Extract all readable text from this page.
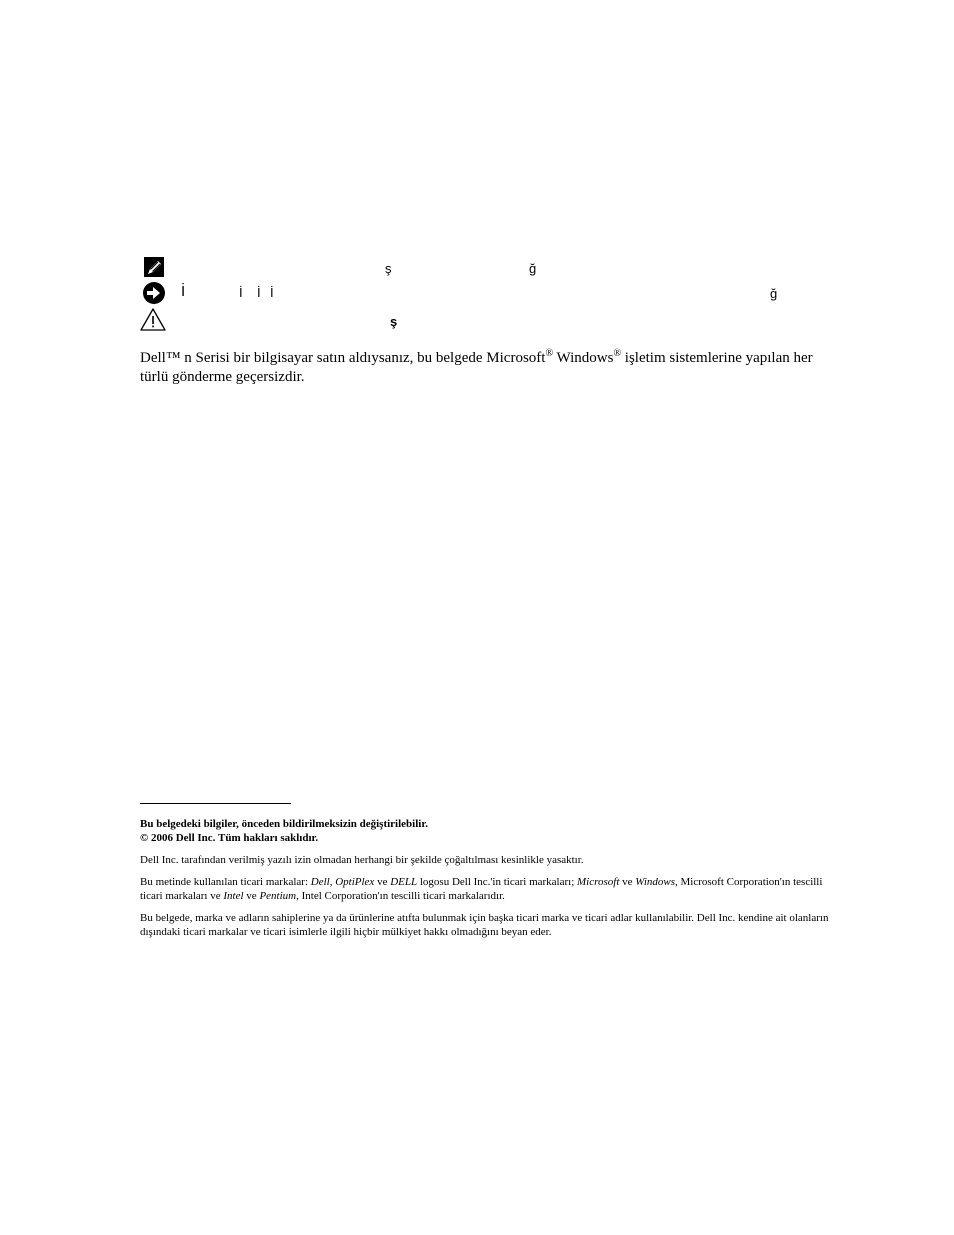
ş	ğ
İ	İ İ İ	ğ
ş
Dell™ n Serisi bir bilgisayar satın aldıysanız, bu belgede Microsoft® Windows® işletim sistemlerine yapılan her türlü gönderme geçersizdir.
Bu belgedeki bilgiler, önceden bildirilmeksizin değiştirilebilir.
© 2006 Dell Inc. Tüm hakları saklıdır.
Dell Inc. tarafından verilmiş yazılı izin olmadan herhangi bir şekilde çoğaltılması kesinlikle yasaktır.
Bu metinde kullanılan ticari markalar: Dell, OptiPlex ve DELL logosu Dell Inc.'in ticari markaları; Microsoft ve Windows, Microsoft Corporation'ın tescilli ticari markaları ve Intel ve Pentium, Intel Corporation'ın tescilli ticari markalarıdır.
Bu belgede, marka ve adların sahiplerine ya da ürünlerine atıfta bulunmak için başka ticari marka ve ticari adlar kullanılabilir. Dell Inc. kendine ait olanların dışındaki ticari markalar ve ticari isimlerle ilgili hiçbir mülkiyet hakkı olmadığını beyan eder.
